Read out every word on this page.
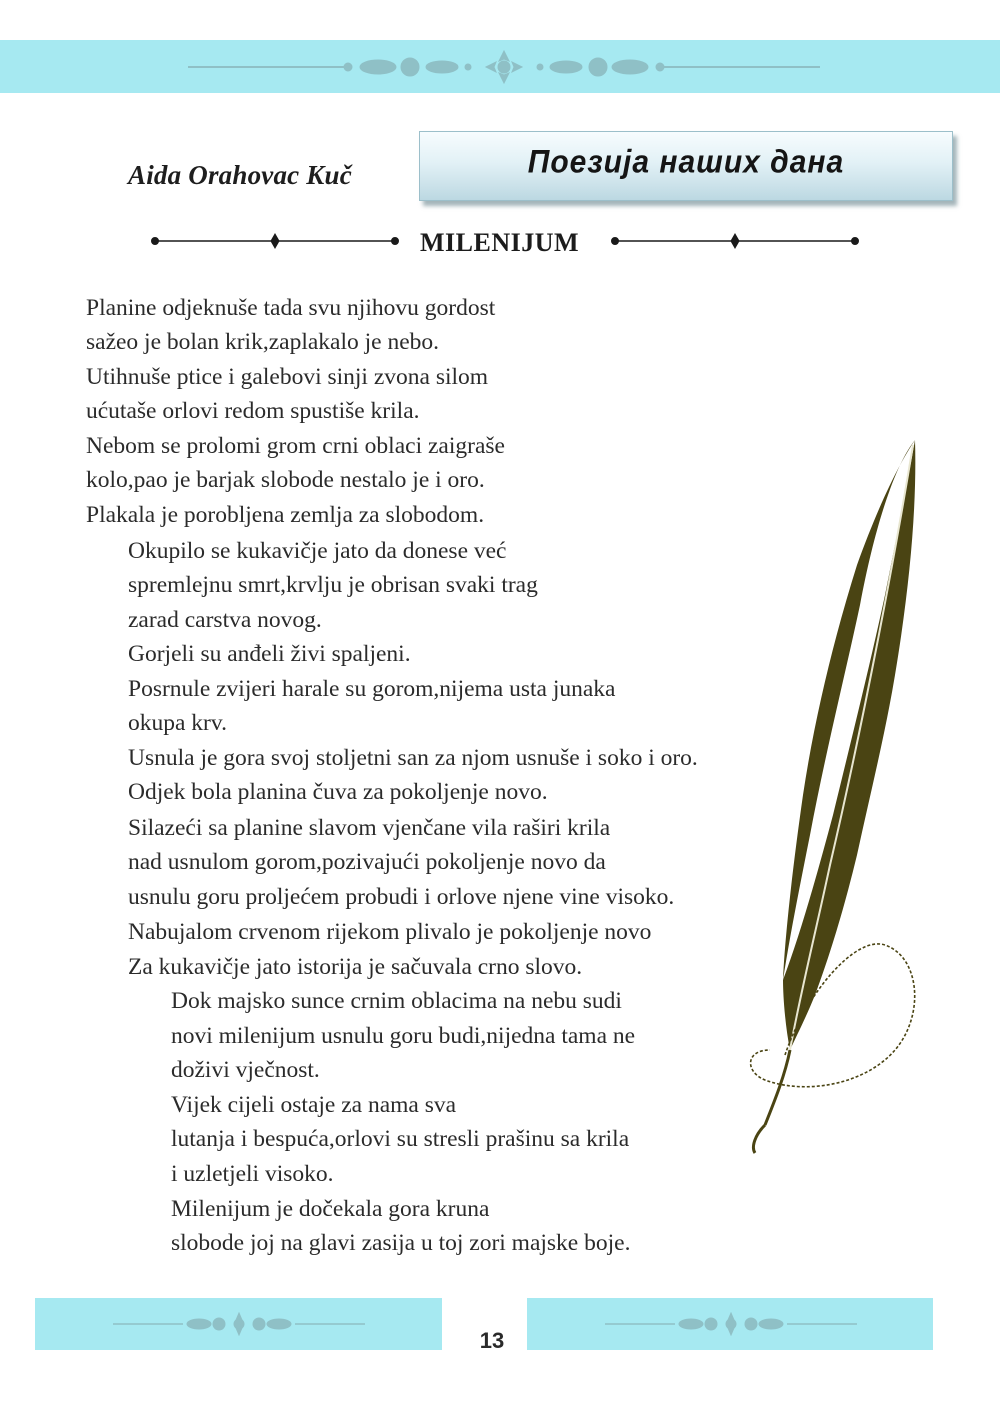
Aida Orahovac Kuč	Поезија наших дана
MILENIJUM
Planine odjeknuše tada svu njihovu gordost
sažeo je bolan krik,zaplakalo je nebo.
Utihnuše ptice i galebovi sinji zvona silom
ućutaše orlovi redom spustiše krila.
Nebom se prolomi grom crni oblaci zaigraše
kolo,pao je barjak slobode nestalo je i oro.
Plakala je porobljena zemlja za slobodom.
Okupilo se kukavičje jato da donese već
spremlejnu smrt,krvlju je obrisan svaki trag
zarad carstva novog.
Gorjeli su anđeli živi spaljeni.
Posrnule zvijeri harale su gorom,nijema usta junaka
okupa krv.
Usnula je gora svoj stoljetni san za njom usnuše i soko i oro.
Odjek bola planina čuva za pokoljenje novo.
Silazeći sa planine slavom vjenčane vila raširi krila
nad usnulom gorom,pozivajući pokoljenje novo da
usnulu goru proljećem probudi i orlove njene vine visoko.
Nabujalom crvenom rijekom plivalo je pokoljenje novo
Za kukavičje jato istorija je sačuvala crno slovo.
Dok majsko sunce crnim oblacima na nebu sudi
novi milenijum usnulu goru budi,nijedna tama ne
doživi vječnost.
Vijek cijeli ostaje za nama sva
lutanja i bespuća,orlovi su stresli prašinu sa krila
i uzletjeli visoko.
Milenijum je dočekala gora kruna
slobode joj na glavi zasija u toj zori majske boje.
13
